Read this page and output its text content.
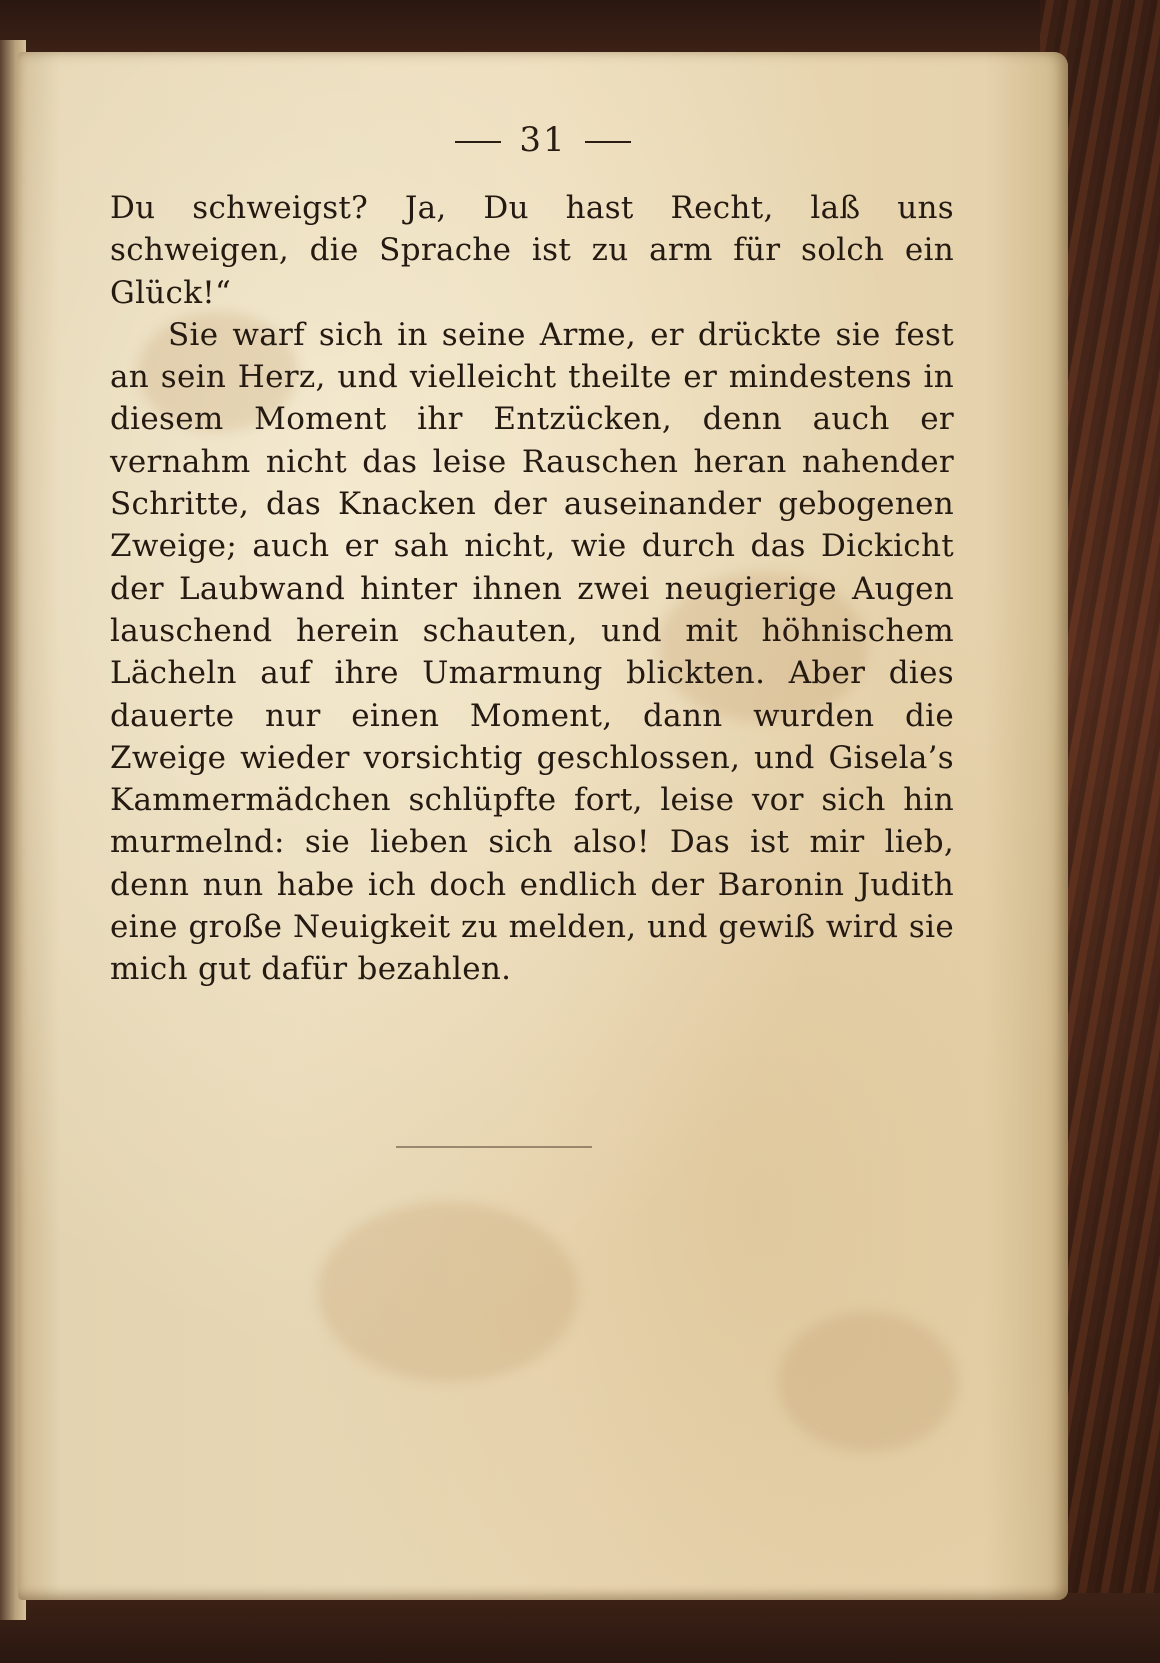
31

Du schweigst? Ja, Du hast Recht, laß uns schweigen, die Sprache ist zu arm für solch ein Glück!“

Sie warf sich in seine Arme, er drückte sie fest an sein Herz, und vielleicht theilte er mindestens in diesem Moment ihr Entzücken, denn auch er vernahm nicht das leise Rauschen heran nahender Schritte, das Knacken der auseinander gebogenen Zweige; auch er sah nicht, wie durch das Dickicht der Laubwand hinter ihnen zwei neugierige Augen lauschend herein schauten, und mit höhnischem Lächeln auf ihre Umarmung blickten. Aber dies dauerte nur einen Moment, dann wurden die Zweige wieder vorsichtig geschlossen, und Gisela’s Kammermädchen schlüpfte fort, leise vor sich hin murmelnd: sie lieben sich also! Das ist mir lieb, denn nun habe ich doch endlich der Baronin Judith eine große Neuigkeit zu melden, und gewiß wird sie mich gut dafür bezahlen.
